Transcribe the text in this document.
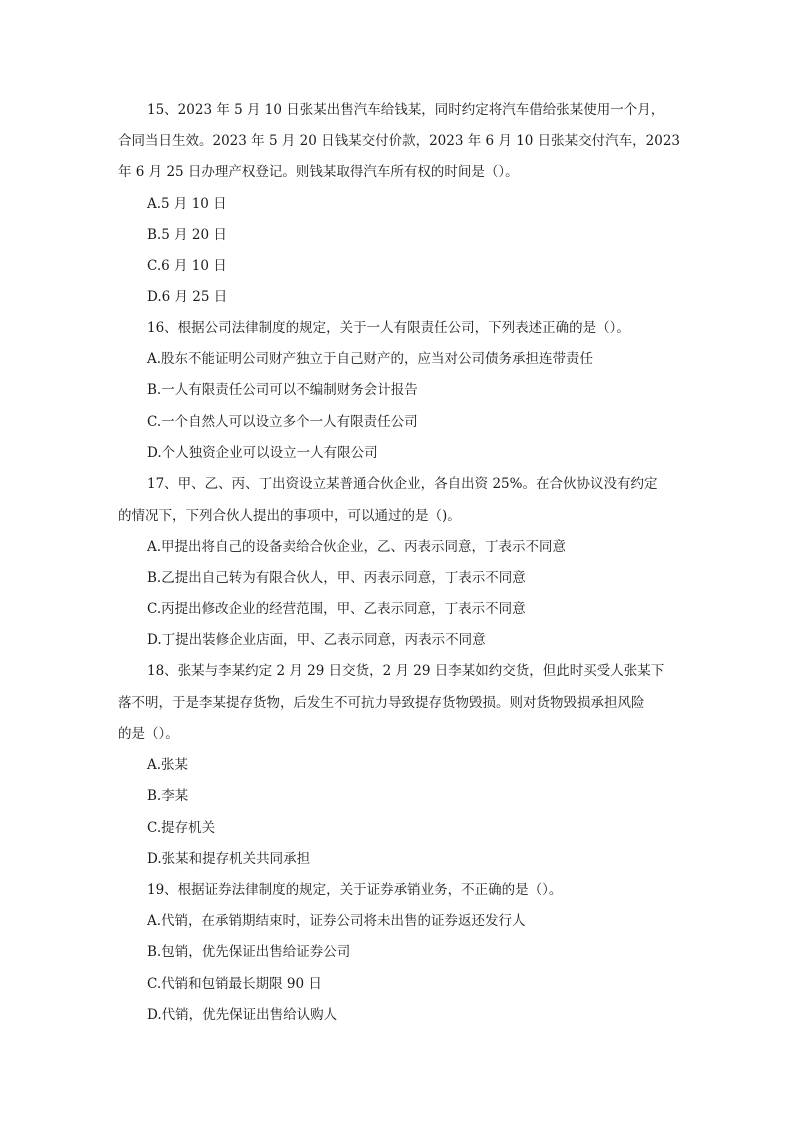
15、2023 年 5 月 10 日张某出售汽车给钱某，同时约定将汽车借给张某使用一个月，
合同当日生效。2023 年 5 月 20 日钱某交付价款，2023 年 6 月 10 日张某交付汽车，2023
年 6 月 25 日办理产权登记。则钱某取得汽车所有权的时间是（）。
A.5 月 10 日
B.5 月 20 日
C.6 月 10 日
D.6 月 25 日
16、根据公司法律制度的规定，关于一人有限责任公司，下列表述正确的是（）。
A.股东不能证明公司财产独立于自己财产的，应当对公司债务承担连带责任
B.一人有限责任公司可以不编制财务会计报告
C.一个自然人可以设立多个一人有限责任公司
D.个人独资企业可以设立一人有限公司
17、甲、乙、丙、丁出资设立某普通合伙企业，各自出资 25%。在合伙协议没有约定
的情况下，下列合伙人提出的事项中，可以通过的是（)。
A.甲提出将自己的设备卖给合伙企业，乙、丙表示同意，丁表示不同意
B.乙提出自己转为有限合伙人，甲、丙表示同意，丁表示不同意
C.丙提出修改企业的经营范围，甲、乙表示同意，丁表示不同意
D.丁提出装修企业店面，甲、乙表示同意，丙表示不同意
18、张某与李某约定 2 月 29 日交货，2 月 29 日李某如约交货，但此时买受人张某下
落不明，于是李某提存货物，后发生不可抗力导致提存货物毁损。则对货物毁损承担风险
的是（）。
A.张某
B.李某
C.提存机关
D.张某和提存机关共同承担
19、根据证券法律制度的规定，关于证券承销业务，不正确的是（）。
A.代销，在承销期结束时，证券公司将未出售的证券返还发行人
B.包销，优先保证出售给证券公司
C.代销和包销最长期限 90 日
D.代销，优先保证出售给认购人
